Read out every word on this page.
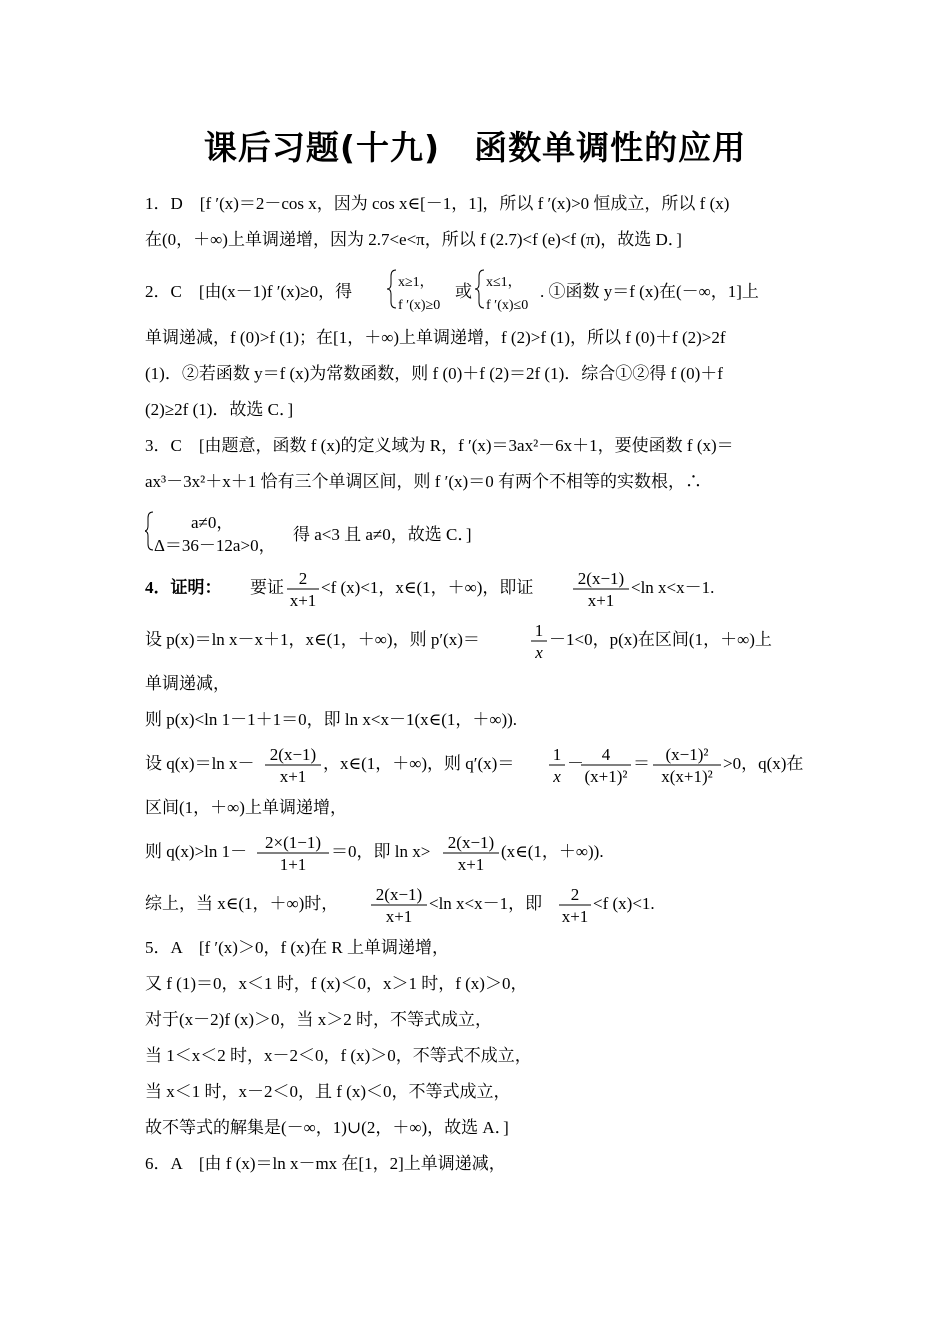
课后习题(十九)　函数单调性的应用
1．D　[f ′(x)＝2－cos x，因为 cos x∈[－1，1]，所以 f ′(x)>0 恒成立，所以 f (x)
在(0，＋∞)上单调递增，因为 2.7<e<π，所以 f (2.7)<f (e)<f (π)，故选 D．]
2．C　[由(x－1)f ′(x)≥0，得	x≥1，
f ′(x)≥0
或 x≤1，
f ′(x)≤0
. ①函数 y＝f (x)在(－∞，1]上
单调递减，f (0)>f (1)；在[1，＋∞)上单调递增，f (2)>f (1)，所以 f (0)＋f (2)>2f
(1)．②若函数 y＝f (x)为常数函数，则 f (0)＋f (2)＝2f (1)．综合①②得 f (0)＋f
(2)≥2f (1)．故选 C．]
3．C　[由题意，函数 f (x)的定义域为 R，f ′(x)＝3ax²－6x＋1，要使函数 f (x)＝
ax³－3x²＋x＋1 恰有三个单调区间，则 f ′(x)＝0 有两个不相等的实数根，∴
a≠0，
Δ＝36－12a>0，
得 a<3 且 a≠0，故选 C．]
4．证明： 要证 2
x+1
<f (x)<1，x∈(1，＋∞)，即证	2(x−1)
x+1
<ln x<x－1.
设 p(x)＝ln x－x＋1，x∈(1，＋∞)，则 p′(x)＝	1
x
－1<0，p(x)在区间(1，＋∞)上
单调递减，
则 p(x)<ln 1－1＋1＝0，即 ln x<x－1(x∈(1，＋∞)).
设 q(x)＝ln x－ 2(x−1)
x+1
，x∈(1，＋∞)，则 q′(x)＝ 1
x
－ 4
(x+1)²
＝ (x−1)²
x(x+1)²
>0，q(x)在
区间(1，＋∞)上单调递增，
则 q(x)>ln 1－ 2×(1−1)
1+1
＝0，即 ln x> 2(x−1)
x+1
(x∈(1，＋∞)).
综上，当 x∈(1，＋∞)时， 2(x−1)
x+1
<ln x<x－1，即 2
x+1
<f (x)<1.
5．A　[f ′(x)＞0，f (x)在 R 上单调递增，
又 f (1)＝0，x＜1 时，f (x)＜0，x＞1 时，f (x)＞0，
对于(x－2)f (x)＞0，当 x＞2 时，不等式成立，
当 1＜x＜2 时，x－2＜0，f (x)＞0，不等式不成立，
当 x＜1 时，x－2＜0，且 f (x)＜0，不等式成立，
故不等式的解集是(－∞，1)∪(2，＋∞)，故选 A．]
6．A　[由 f (x)＝ln x－mx 在[1，2]上单调递减，
